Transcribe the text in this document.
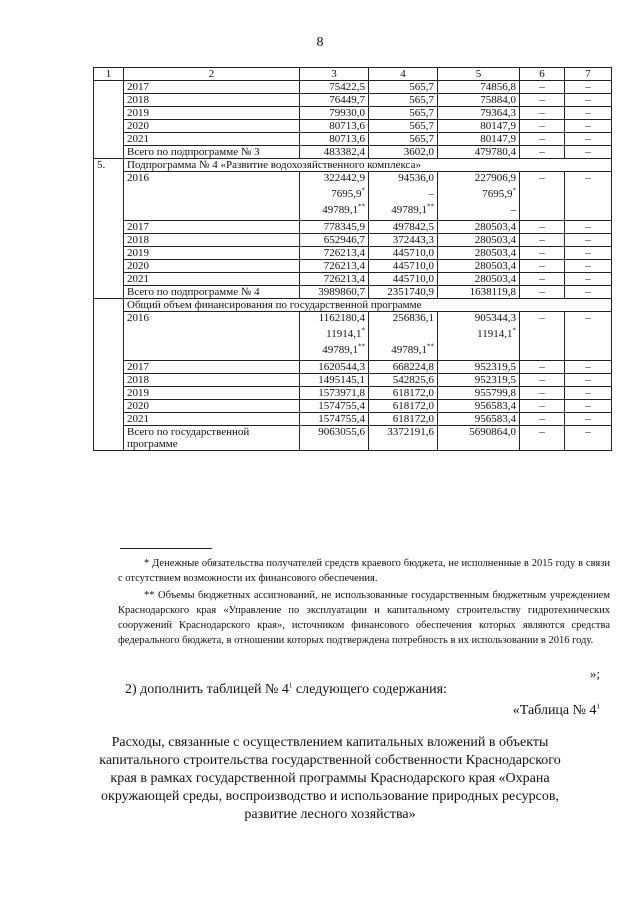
8
1	2	3	4	5	6	7
	2017	75422,5	565,7	74856,8	–	–
	2018	76449,7	565,7	75884,0	–	–
	2019	79930,0	565,7	79364,3	–	–
	2020	80713,6	565,7	80147,9	–	–
	2021	80713,6	565,7	80147,9	–	–
	Всего по подпрограмме № 3	483382,4	3602,0	479780,4	–	–
5.	Подпрограмма № 4 «Развитие водохозяйственного комплекса»					
	2016	322442,9
7695,9*
49789,1**	94536,0
–
49789,1**	227906,9
7695,9*
–	–	–
	2017	778345,9	497842,5	280503,4	–	–
	2018	652946,7	372443,3	280503,4	–	–
	2019	726213,4	445710,0	280503,4	–	–
	2020	726213,4	445710,0	280503,4	–	–
	2021	726213,4	445710,0	280503,4	–	–
	Всего по подпрограмме № 4	3989860,7	2351740,9	1638119,8	–	–
	Общий объем финансирования по государственной программе					
	2016	1162180,4
11914,1*
49789,1**	256836,1
49789,1**	905344,3
11914,1*	–	–
	2017	1620544,3	668224,8	952319,5	–	–
	2018	1495145,1	542825,6	952319,5	–	–
	2019	1573971,8	618172,0	955799,8	–	–
	2020	1574755,4	618172,0	956583,4	–	–
	2021	1574755,4	618172,0	956583,4	–	–
	Всего по государственной программе	9063055,6	3372191,6	5690864,0	–	–
* Денежные обязательства получателей средств краевого бюджета, не исполненные в 2015 году в связи с отсутствием возможности их финансового обеспечения.
** Объемы бюджетных ассигнований, не использованные государственным бюджетным учреждением Краснодарского края «Управление по эксплуатации и капитальному строительству гидротехнических сооружений Краснодарского края», источником финансового обеспечения которых являются средства федерального бюджета, в отношении которых подтверждена потребность в их использовании в 2016 году.
»;
2) дополнить таблицей № $4^1$ следующего содержания:
«Таблица № $4^1$
Расходы, связанные с осуществлением капитальных вложений в объекты капитального строительства государственной собственности Краснодарского края в рамках государственной программы Краснодарского края «Охрана окружающей среды, воспроизводство и использование природных ресурсов, развитие лесного хозяйства»
